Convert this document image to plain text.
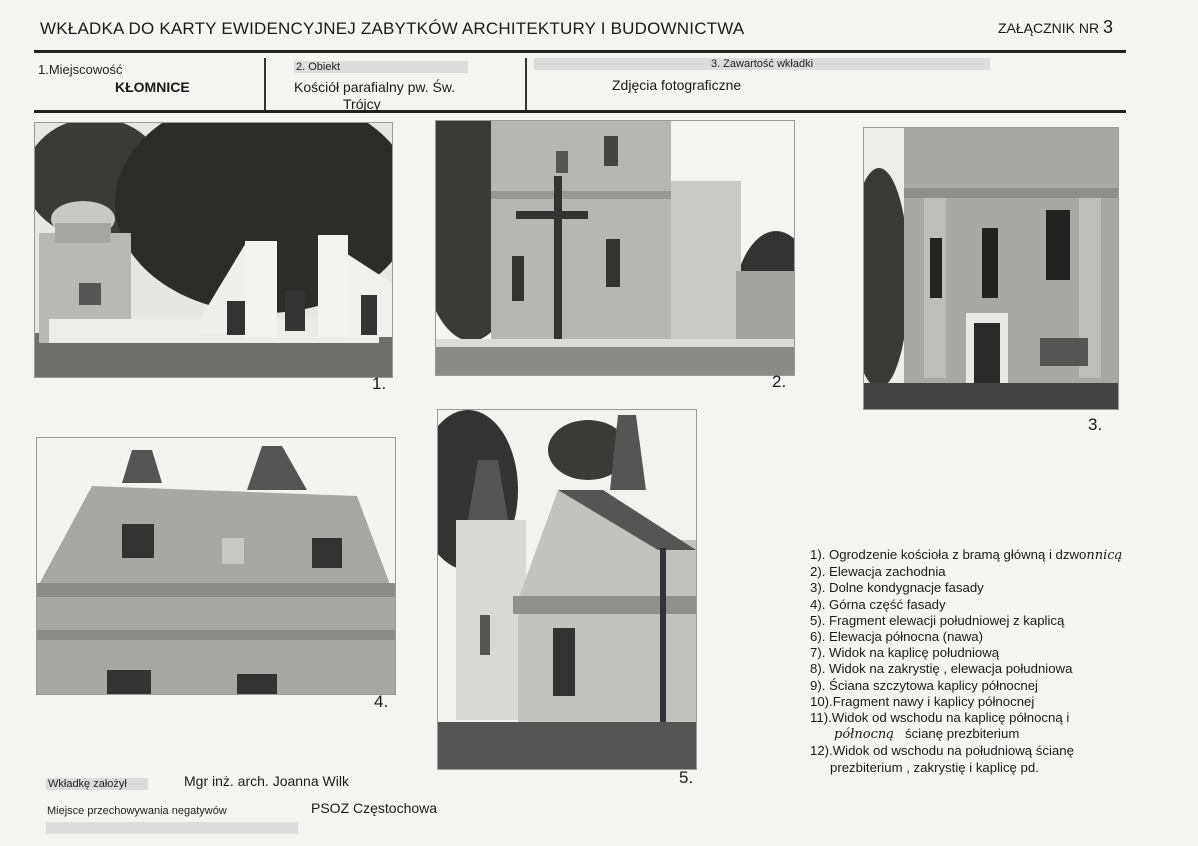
WKŁADKA DO KARTY EWIDENCYJNEJ ZABYTKÓW ARCHITEKTURY I BUDOWNICTWA	ZAŁĄCZNIK NR 3
1.Miejscowość
KŁOMNICE
2. Obiekt
Kościół parafialny pw. Św.
Trójcy
3. Zawartość wkładki
Zdjęcia fotograficzne
1.	2.
3.
4.
5.
1). Ogrodzenie kościoła z bramą główną i dzwonnicą
2). Elewacja zachodnia
3). Dolne kondygnacje fasady
4). Górna część fasady
5). Fragment elewacji południowej z kaplicą
6). Elewacja północna (nawa)
7). Widok na kaplicę południową
8). Widok na zakrystię , elewacja południowa
9). Ściana szczytowa kaplicy północnej
10).Fragment nawy i kaplicy północnej
11).Widok od wschodu na kaplicę północną i
północną ścianę prezbiterium
12).Widok od wschodu na południową ścianę
prezbiterium , zakrystię i kaplicę pd.
Wkładkę założył	Mgr inż. arch. Joanna Wilk
Miejsce przechowywania negatywów	PSOZ Częstochowa
